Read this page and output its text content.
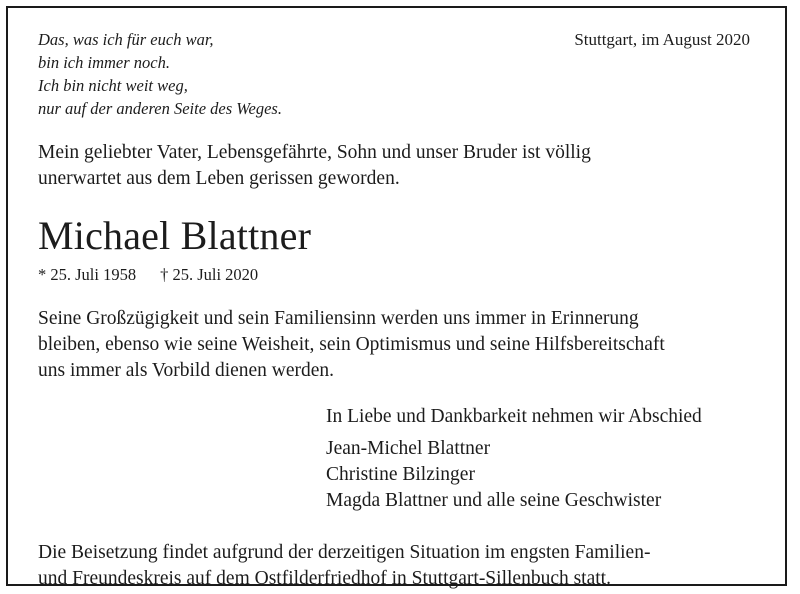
Das, was ich für euch war,
bin ich immer noch.
Ich bin nicht weit weg,
nur auf der anderen Seite des Weges.
Stuttgart, im August 2020
Mein geliebter Vater, Lebensgefährte, Sohn und unser Bruder ist völlig
unerwartet aus dem Leben gerissen geworden.
Michael Blattner
* 25. Juli 1958 † 25. Juli 2020
Seine Großzügigkeit und sein Familiensinn werden uns immer in Erinnerung
bleiben, ebenso wie seine Weisheit, sein Optimismus und seine Hilfsbereitschaft
uns immer als Vorbild dienen werden.
In Liebe und Dankbarkeit nehmen wir Abschied
Jean-Michel Blattner
Christine Bilzinger
Magda Blattner und alle seine Geschwister
Die Beisetzung findet aufgrund der derzeitigen Situation im engsten Familien-
und Freundeskreis auf dem Ostfilderfriedhof in Stuttgart-Sillenbuch statt.
